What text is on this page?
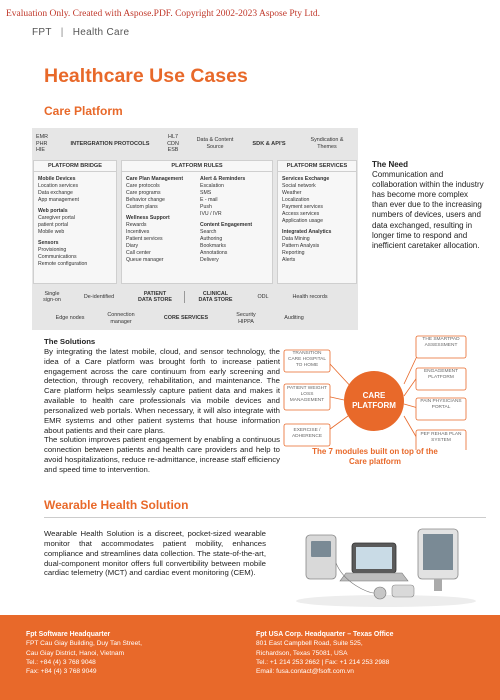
Evaluation Only. Created with Aspose.PDF. Copyright 2002-2023 Aspose Pty Ltd.
FPT | Health Care
Healthcare Use Cases
Care Platform
EMR
PHR
HIE
INTERGRATION PROTOCOLS
HL7
CDN
ESB
Data & Content
Source
SDK & API'S
Syndication &
Themes
PLATFORM BRIDGE
Mobile Devices
Location services
Data exchange
App management
Web portals
Caregiver portal
patient portal
Mobile web
Sensors
Provisioning
Communications
Remote configuration
PLATFORM RULES
Care Plan Management
Care protocols
Care programs
Behavior change
Custom plans
Wellness Support
Rewards
Incentives
Patient services
Diary
Call center
Queue manager
Alert & Reminders
Escalation
SMS
E - mail
Push
IVU / IVR
Content Engagement
Search
Authoring
Bookmarks
Annotations
Delivery
PLATFORM SERVICES
Services Exchange
Social network
Weather
Localization
Payment services
Access services
Application usage
Integrated Analytics
Data Mining
Pattern Analysis
Reporting
Alerts
Single
sign-on
De-identified
PATIENT
DATA STORE
CLINICAL
DATA STORE
ODL	Health records
Edge nodes
Connection
manager
CORE SERVICES
Security
HIPPA
Auditing
The Need
Communication and collaboration within the industry has become more complex than ever due to the increasing numbers of devices, users and data exchanged, resulting in longer time to respond and inefficient caretaker allocation.
The Solutions
By integrating the latest mobile, cloud, and sensor technology, the idea of a Care platform was brought forth to increase patient engagement across the care continuum from early screening and detection, through recovery, rehabilitation, and maintenance. The Care platform helps seamlessly capture patient data and makes it available to health care professionals via mobile devices and personalized web portals. When necessary, it will also integrate with EMR systems and other patient systems that house information about patients and their care plans.
The solution improves patient engagement by enabling a continuous connection between patients and health care providers and help to avoid hospitalizations, reduce re-admittance, increase staff efficiency and speed time to intervention.
THE SMARTPAD ASSESSMENT
TRANSITION CARE HOSPITAL TO HOME
ENGAGEMENT PLATFORM
PATIENT WEIGHT LOSS MANAGEMENT	PAIN PHYSICIANS PORTAL
EXERCISE / ADHERENCE	PEF REHAB PLAN SYSTEM
CARE
PLATFORM
The 7 modules built on top of the Care platform
Wearable Health Solution
Wearable Health Solution is a discreet, pocket-sized wearable monitor that accommodates patient mobility, enhances compliance and streamlines data collection. The state-of-the-art, dual-component monitor offers full convertibility between mobile cardiac telemetry (MCT) and cardiac event monitoring (CEM).
Fpt Software Headquarter
FPT Cau Giay Building, Duy Tan Street,
Cau Giay District, Hanoi, Vietnam
Tel.: +84 (4) 3 768 9048
Fax: +84 (4) 3 768 9049
Fpt USA Corp. Headquarter – Texas Office
801 East Campbell Road, Suite 525,
Richardson, Texas 75081, USA
Tel.: +1 214 253 2662 | Fax: +1 214 253 2988
Email: fusa.contact@fsoft.com.vn
